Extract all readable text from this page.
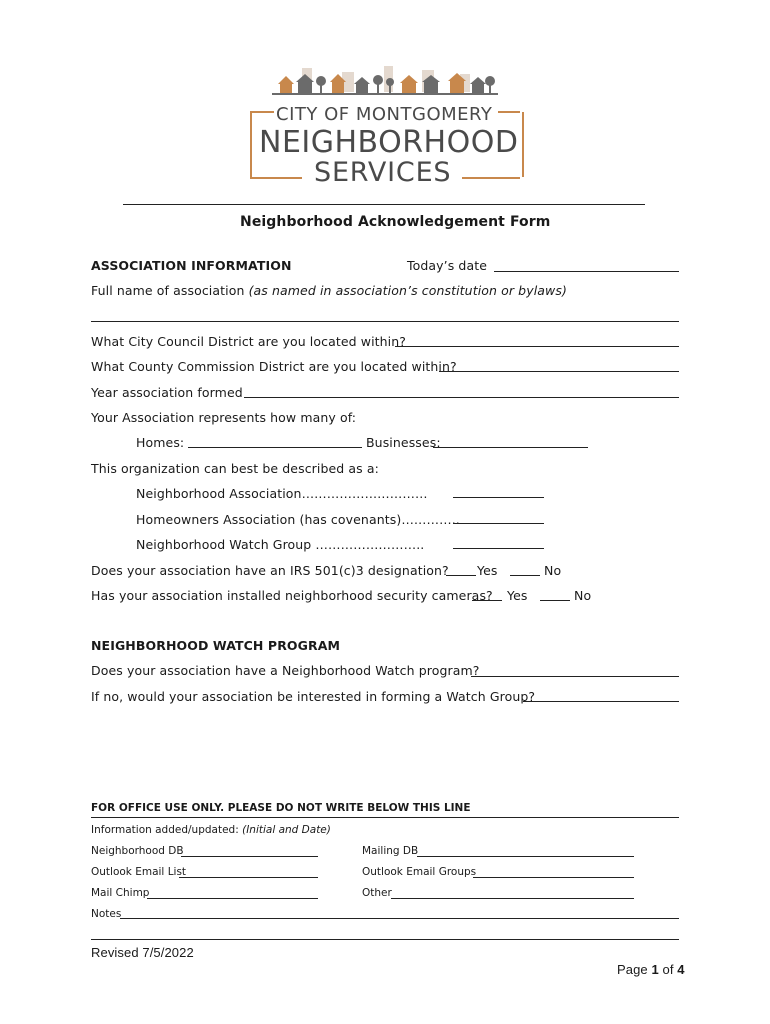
CITY OF MONTGOMERY
NEIGHBORHOOD
SERVICES
Neighborhood Acknowledgement Form
ASSOCIATION INFORMATION	Today’s date
Full name of association (as named in association’s constitution or bylaws)
What City Council District are you located within?
What County Commission District are you located within?
Year association formed
Your Association represents how many of:
Homes:	Businesses:
This organization can best be described as a:
Neighborhood Association…………………………
Homeowners Association (has covenants)…………..
Neighborhood Watch Group ……………………..
Does your association have an IRS 501(c)3 designation? Yes	No
Has your association installed neighborhood security cameras? Yes	No
NEIGHBORHOOD WATCH PROGRAM
Does your association have a Neighborhood Watch program?
If no, would your association be interested in forming a Watch Group?
FOR OFFICE USE ONLY. PLEASE DO NOT WRITE BELOW THIS LINE
Information added/updated: (Initial and Date)
Neighborhood DB	Mailing DB
Outlook Email List	Outlook Email Groups
Mail Chimp	Other
Notes
Revised 7/5/2022
Page 1 of 4
